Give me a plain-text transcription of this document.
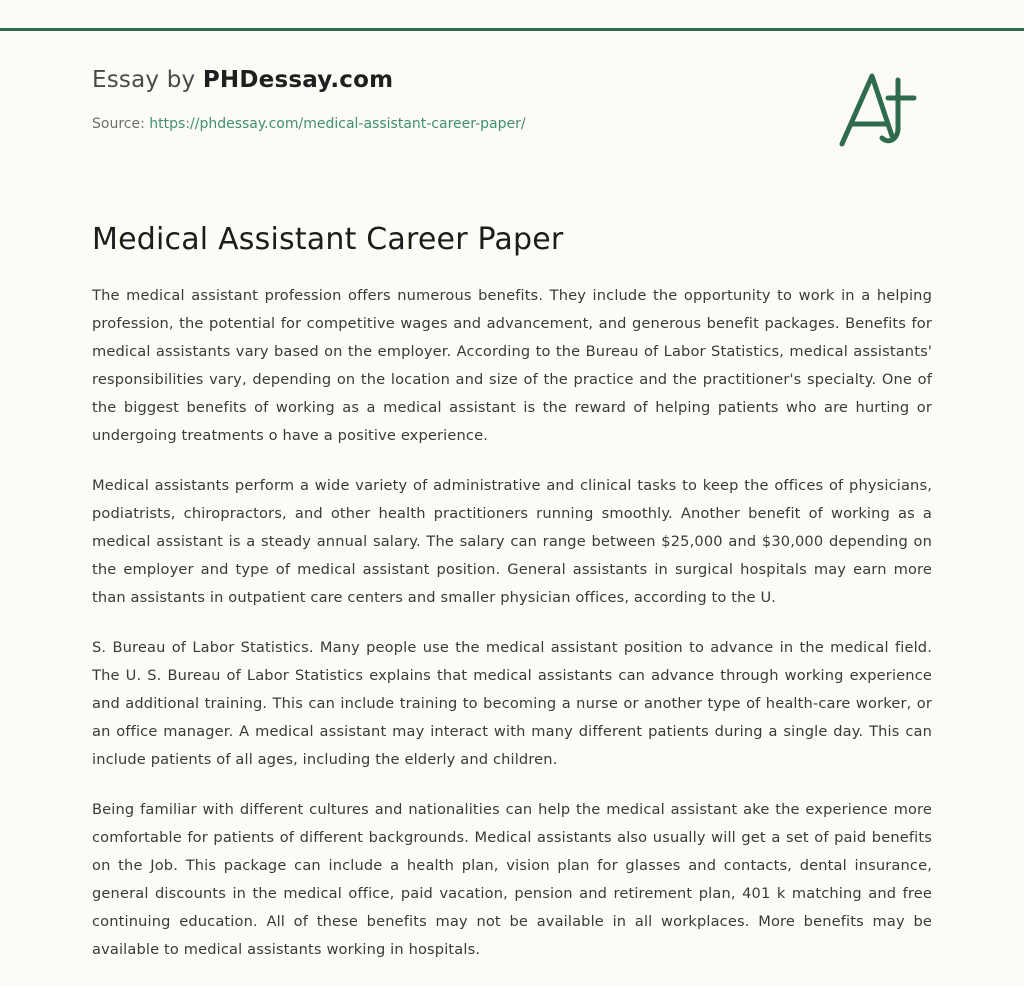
Essay by PHDessay.com
Source: https://phdessay.com/medical-assistant-career-paper/
Medical Assistant Career Paper

The medical assistant profession offers numerous benefits. They include the opportunity to work in a helping profession, the potential for competitive wages and advancement, and generous benefit packages. Benefits for medical assistants vary based on the employer. According to the Bureau of Labor Statistics, medical assistants' responsibilities vary, depending on the location and size of the practice and the practitioner's specialty. One of the biggest benefits of working as a medical assistant is the reward of helping patients who are hurting or undergoing treatments o have a positive experience.

Medical assistants perform a wide variety of administrative and clinical tasks to keep the offices of physicians, podiatrists, chiropractors, and other health practitioners running smoothly. Another benefit of working as a medical assistant is a steady annual salary. The salary can range between $25,000 and $30,000 depending on the employer and type of medical assistant position. General assistants in surgical hospitals may earn more than assistants in outpatient care centers and smaller physician offices, according to the U.

S. Bureau of Labor Statistics. Many people use the medical assistant position to advance in the medical field. The U. S. Bureau of Labor Statistics explains that medical assistants can advance through working experience and additional training. This can include training to becoming a nurse or another type of health-care worker, or an office manager. A medical assistant may interact with many different patients during a single day. This can include patients of all ages, including the elderly and children.

Being familiar with different cultures and nationalities can help the medical assistant ake the experience more comfortable for patients of different backgrounds. Medical assistants also usually will get a set of paid benefits on the Job. This package can include a health plan, vision plan for glasses and contacts, dental insurance, general discounts in the medical office, paid vacation, pension and retirement plan, 401 k matching and free continuing education. All of these benefits may not be available in all workplaces. More benefits may be available to medical assistants working in hospitals.
